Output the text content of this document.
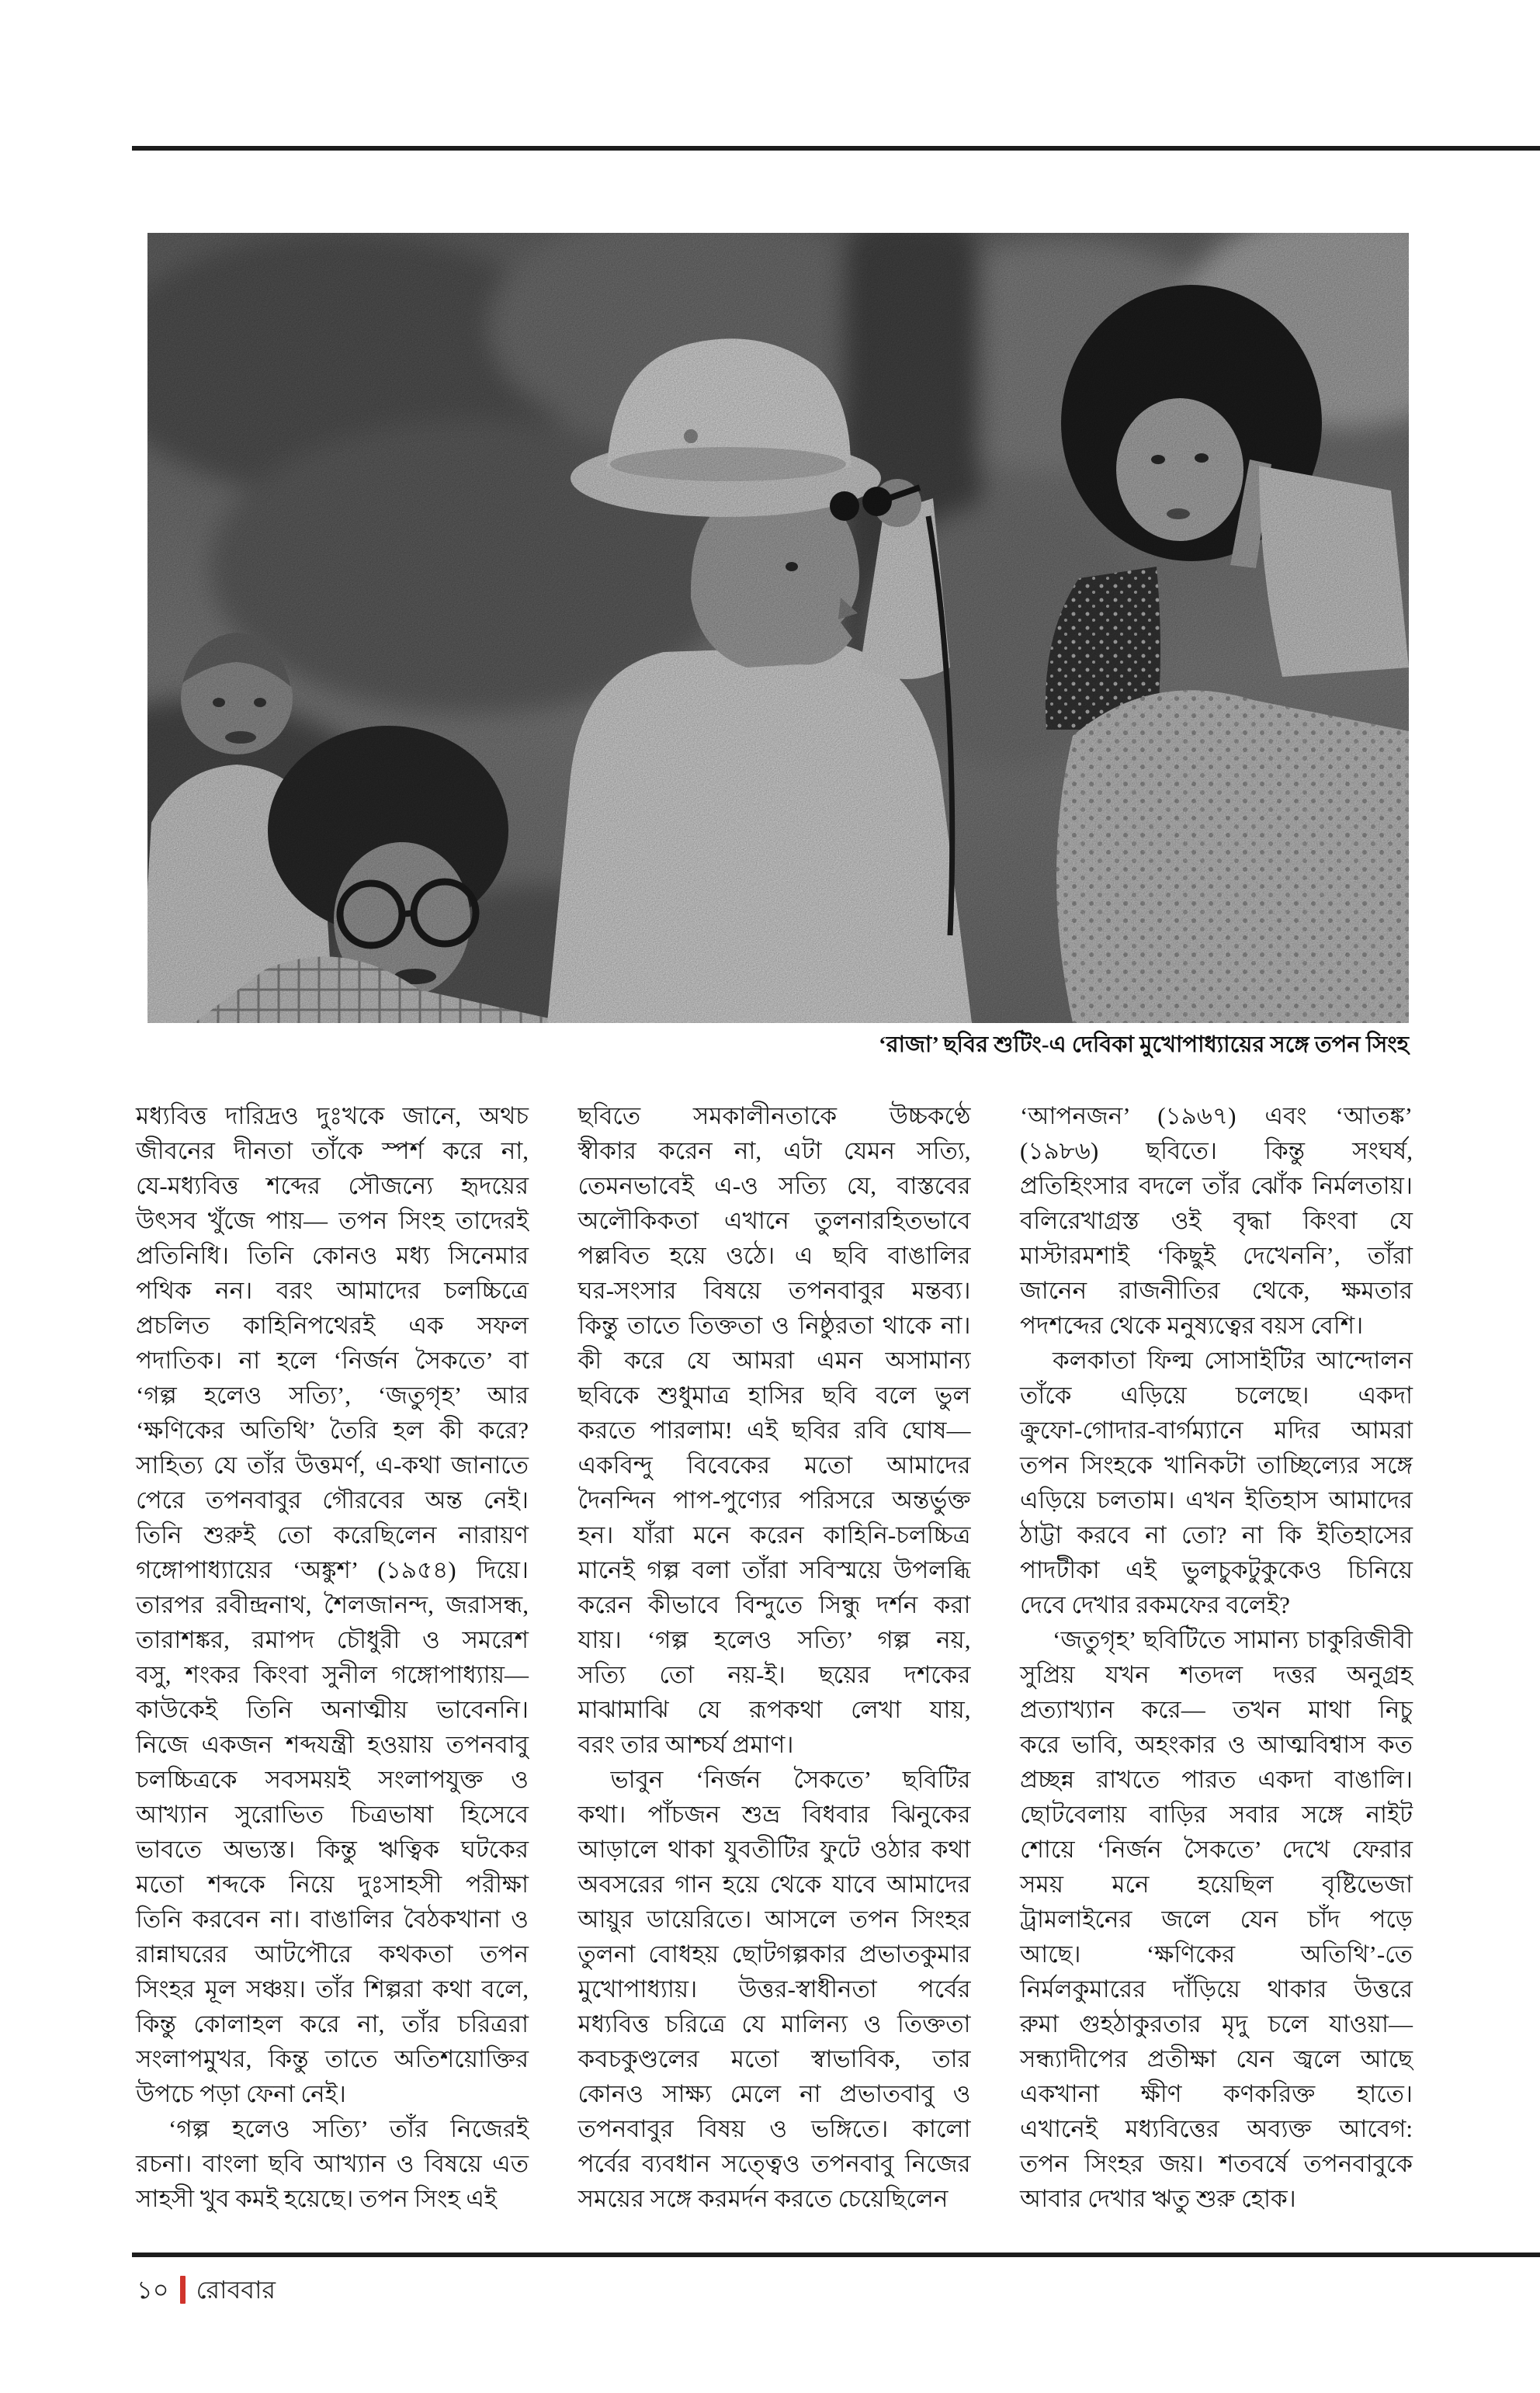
‘রাজা’ ছবির শুটিং-এ দেবিকা মুখোপাধ্যায়ের সঙ্গে তপন সিংহ

মধ্যবিত্ত দারিদ্রও দুঃখকে জানে, অথচ
জীবনের দীনতা তাঁকে স্পর্শ করে না,
যে-মধ্যবিত্ত শব্দের সৌজন্যে হৃদয়ের
উৎসব খুঁজে পায়— তপন সিংহ তাদেরই
প্রতিনিধি। তিনি কোনও মধ্য সিনেমার
পথিক নন। বরং আমাদের চলচ্চিত্রে
প্রচলিত কাহিনিপথেরই এক সফল
পদাতিক। না হলে ‘নির্জন সৈকতে’ বা
‘গল্প হলেও সত্যি’, ‘জতুগৃহ’ আর
‘ক্ষণিকের অতিথি’ তৈরি হল কী করে?
সাহিত্য যে তাঁর উত্তমর্ণ, এ-কথা জানাতে
পেরে তপনবাবুর গৌরবের অন্ত নেই।
তিনি শুরুই তো করেছিলেন নারায়ণ
গঙ্গোপাধ্যায়ের ‘অঙ্কুশ’ (১৯৫৪) দিয়ে।
তারপর রবীন্দ্রনাথ, শৈলজানন্দ, জরাসন্ধ,
তারাশঙ্কর, রমাপদ চৌধুরী ও সমরেশ
বসু, শংকর কিংবা সুনীল গঙ্গোপাধ্যায়—
কাউকেই তিনি অনাত্মীয় ভাবেননি।
নিজে একজন শব্দযন্ত্রী হওয়ায় তপনবাবু
চলচ্চিত্রকে সবসময়ই সংলাপযুক্ত ও
আখ্যান সুরোভিত চিত্রভাষা হিসেবে
ভাবতে অভ্যস্ত। কিন্তু ঋত্বিক ঘটকের
মতো শব্দকে নিয়ে দুঃসাহসী পরীক্ষা
তিনি করবেন না। বাঙালির বৈঠকখানা ও
রান্নাঘরের আটপৌরে কথকতা তপন
সিংহর মূল সঞ্চয়। তাঁর শিল্পরা কথা বলে,
কিন্তু কোলাহল করে না, তাঁর চরিত্ররা
সংলাপমুখর, কিন্তু তাতে অতিশয়োক্তির
উপচে পড়া ফেনা নেই।

‘গল্প হলেও সত্যি’ তাঁর নিজেরই
রচনা। বাংলা ছবি আখ্যান ও বিষয়ে এত
সাহসী খুব কমই হয়েছে। তপন সিংহ এই

ছবিতে সমকালীনতাকে উচ্চকণ্ঠে
স্বীকার করেন না, এটা যেমন সত্যি,
তেমনভাবেই এ-ও সত্যি যে, বাস্তবের
অলৌকিকতা এখানে তুলনারহিতভাবে
পল্লবিত হয়ে ওঠে। এ ছবি বাঙালির
ঘর-সংসার বিষয়ে তপনবাবুর মন্তব্য।
কিন্তু তাতে তিক্ততা ও নিষ্ঠুরতা থাকে না।
কী করে যে আমরা এমন অসামান্য
ছবিকে শুধুমাত্র হাসির ছবি বলে ভুল
করতে পারলাম! এই ছবির রবি ঘোষ—
একবিন্দু বিবেকের মতো আমাদের
দৈনন্দিন পাপ-পুণ্যের পরিসরে অন্তর্ভুক্ত
হন। যাঁরা মনে করেন কাহিনি-চলচ্চিত্র
মানেই গল্প বলা তাঁরা সবিস্ময়ে উপলব্ধি
করেন কীভাবে বিন্দুতে সিন্ধু দর্শন করা
যায়। ‘গল্প হলেও সত্যি’ গল্প নয়,
সত্যি তো নয়-ই। ছয়ের দশকের
মাঝামাঝি যে রূপকথা লেখা যায়,
বরং তার আশ্চর্য প্রমাণ।

ভাবুন ‘নির্জন সৈকতে’ ছবিটির
কথা। পাঁচজন শুভ্র বিধবার ঝিনুকের
আড়ালে থাকা যুবতীটির ফুটে ওঠার কথা
অবসরের গান হয়ে থেকে যাবে আমাদের
আয়ুর ডায়েরিতে। আসলে তপন সিংহর
তুলনা বোধহয় ছোটগল্পকার প্রভাতকুমার
মুখোপাধ্যায়। উত্তর-স্বাধীনতা পর্বের
মধ্যবিত্ত চরিত্রে যে মালিন্য ও তিক্ততা
কবচকুণ্ডলের মতো স্বাভাবিক, তার
কোনও সাক্ষ্য মেলে না প্রভাতবাবু ও
তপনবাবুর বিষয় ও ভঙ্গিতে। কালো
পর্বের ব্যবধান সত্ত্বেও তপনবাবু নিজের
সময়ের সঙ্গে করমর্দন করতে চেয়েছিলেন

‘আপনজন’ (১৯৬৭) এবং ‘আতঙ্ক’
(১৯৮৬) ছবিতে। কিন্তু সংঘর্ষ,
প্রতিহিংসার বদলে তাঁর ঝোঁক নির্মলতায়।
বলিরেখাগ্রস্ত ওই বৃদ্ধা কিংবা যে
মাস্টারমশাই ‘কিছুই দেখেননি’, তাঁরা
জানেন রাজনীতির থেকে, ক্ষমতার
পদশব্দের থেকে মনুষ্যত্বের বয়স বেশি।

কলকাতা ফিল্ম সোসাইটির আন্দোলন
তাঁকে এড়িয়ে চলেছে। একদা
ক্রুফো-গোদার-বার্গম্যানে মদির আমরা
তপন সিংহকে খানিকটা তাচ্ছিল্যের সঙ্গে
এড়িয়ে চলতাম। এখন ইতিহাস আমাদের
ঠাট্টা করবে না তো? না কি ইতিহাসের
পাদটীকা এই ভুলচুকটুকুকেও চিনিয়ে
দেবে দেখার রকমফের বলেই?

‘জতুগৃহ’ ছবিটিতে সামান্য চাকুরিজীবী
সুপ্রিয় যখন শতদল দত্তর অনুগ্রহ
প্রত্যাখ্যান করে— তখন মাথা নিচু
করে ভাবি, অহংকার ও আত্মবিশ্বাস কত
প্রচ্ছন্ন রাখতে পারত একদা বাঙালি।
ছোটবেলায় বাড়ির সবার সঙ্গে নাইট
শোয়ে ‘নির্জন সৈকতে’ দেখে ফেরার
সময় মনে হয়েছিল বৃষ্টিভেজা
ট্রামলাইনের জলে যেন চাঁদ পড়ে
আছে। ‘ক্ষণিকের অতিথি’-তে
নির্মলকুমারের দাঁড়িয়ে থাকার উত্তরে
রুমা গুহঠাকুরতার মৃদু চলে যাওয়া—
সন্ধ্যাদীপের প্রতীক্ষা যেন জ্বলে আছে
একখানা ক্ষীণ কণকরিক্ত হাতে।
এখানেই মধ্যবিত্তের অব্যক্ত আবেগ:
তপন সিংহর জয়। শতবর্ষে তপনবাবুকে
আবার দেখার ঋতু শুরু হোক।

১০ রোববার
